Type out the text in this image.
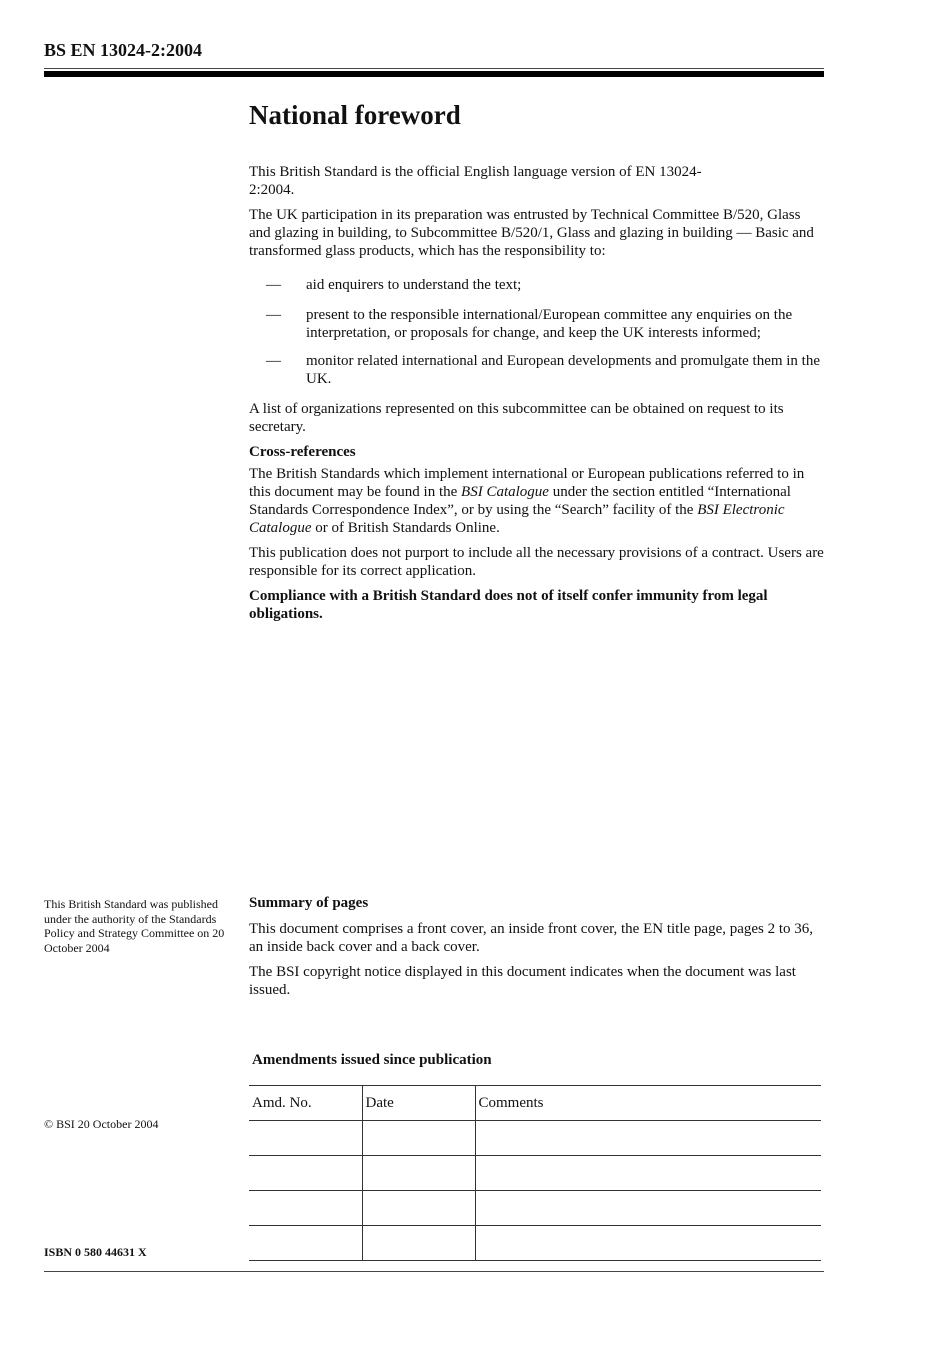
BS EN 13024-2:2004
National foreword

This British Standard is the official English language version of EN 13024-2:2004.

The UK participation in its preparation was entrusted by Technical Committee B/520, Glass and glazing in building, to Subcommittee B/520/1, Glass and glazing in building — Basic and transformed glass products, which has the responsibility to:

—	aid enquirers to understand the text;
—	present to the responsible international/European committee any enquiries on the interpretation, or proposals for change, and keep the UK interests informed;
—	monitor related international and European developments and promulgate them in the UK.

A list of organizations represented on this subcommittee can be obtained on request to its secretary.

Cross-references

The British Standards which implement international or European publications referred to in this document may be found in the BSI Catalogue under the section entitled “International Standards Correspondence Index”, or by using the “Search” facility of the BSI Electronic Catalogue or of British Standards Online.

This publication does not purport to include all the necessary provisions of a contract. Users are responsible for its correct application.

Compliance with a British Standard does not of itself confer immunity from legal obligations.

This British Standard was published under the authority of the Standards Policy and Strategy Committee on 20 October 2004
© BSI 20 October 2004
ISBN 0 580 44631 X

Summary of pages

This document comprises a front cover, an inside front cover, the EN title page, pages 2 to 36, an inside back cover and a back cover.

The BSI copyright notice displayed in this document indicates when the document was last issued.

Amendments issued since publication
Amd. No.	Date	Comments
